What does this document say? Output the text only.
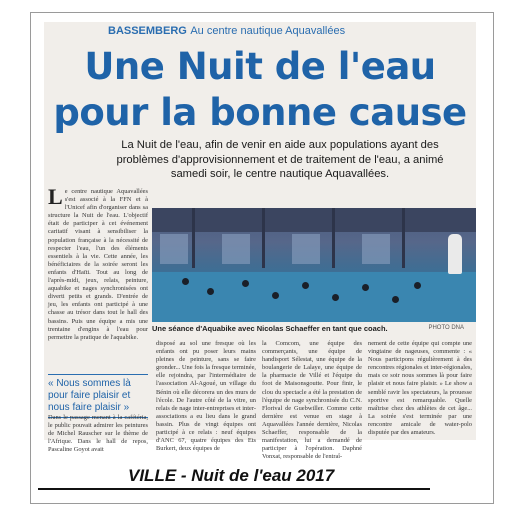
BASSEMBERG Au centre nautique Aquavallées
Une Nuit de l'eau
pour la bonne cause
La Nuit de l'eau, afin de venir en aide aux populations ayant des problèmes d'approvisionnement et de traitement de l'eau, a animé samedi soir, le centre nautique Aquavallées.
L e centre nautique Aquavallées s'est associé à la FFN et à l'Unicef afin d'organiser dans sa structure la Nuit de l'eau. L'objectif était de participer à cet événement caritatif visant à sensibiliser la population française à la nécessité de respecter l'eau, l'un des éléments essentiels à la vie. Cette année, les bénéficiaires de la soirée seront les enfants d'Haïti. Tout au long de l'après-midi, jeux, relais, peinture, aquabike et nages synchronisées ont diverti petits et grands. D'entrée de jeu, les enfants ont participé à une chasse au trésor dans tout le hall des bassins. Puis une équipe a mis une trentaine d'engins à l'eau pour permettre la pratique de l'aquabike.

« Nous sommes là pour faire plaisir et nous faire plaisir »

Dans le passage menant à la cafétéria, le public pouvait admirer les peintures de Michel Rauscher sur le thème de l'Afrique. Dans le hall de repos, Pascaline Goyot avait

Une séance d'Aquabike avec Nicolas Schaeffer en tant que coach.	PHOTO DNA

disposé au sol une fresque où les enfants ont pu poser leurs mains pleines de peinture, sans se faire gronder... Une fois la fresque terminée, elle rejoindra, par l'intermédiaire de l'association Al-Agoué, un village du Bénin où elle décorera un des murs de l'école. De l'autre côté de la vitre, un relais de nage inter-entreprises et inter-associations a eu lieu dans le grand bassin. Plus de vingt équipes ont participé à ce relais : neuf équipes d'ANC 67, quatre équipes des Ets Burkert, deux équipes de

la Comcom, une équipe des commerçants, une équipe de handisport Sélestat, une équipe de la boulangerie de Lalaye, une équipe de la pharmacie de Villé et l'équipe du foot de Maisonsgoutte. Pour finir, le clou du spectacle a été la prestation de l'équipe de nage synchronisée du C.N. Florival de Guebwiller. Comme cette dernière est venue en stage à Aquavallées l'année dernière, Nicolas Schaeffer, responsable de la manifestation, lui a demandé de participer à l'opération. Daphné Vonxat, responsable de l'entraî-

nement de cette équipe qui compte une vingtaine de nageuses, commente : « Nous participons régulièrement à des rencontres régionales et inter-régionales, mais ce soir nous sommes là pour faire plaisir et nous faire plaisir. » Le show a semblé ravir les spectateurs, la prouesse sportive est remarquable. Quelle maîtrise chez des athlètes de cet âge... La soirée s'est terminée par une rencontre amicale de water-polo disputée par des amateurs.

VILLE - Nuit de l'eau 2017
